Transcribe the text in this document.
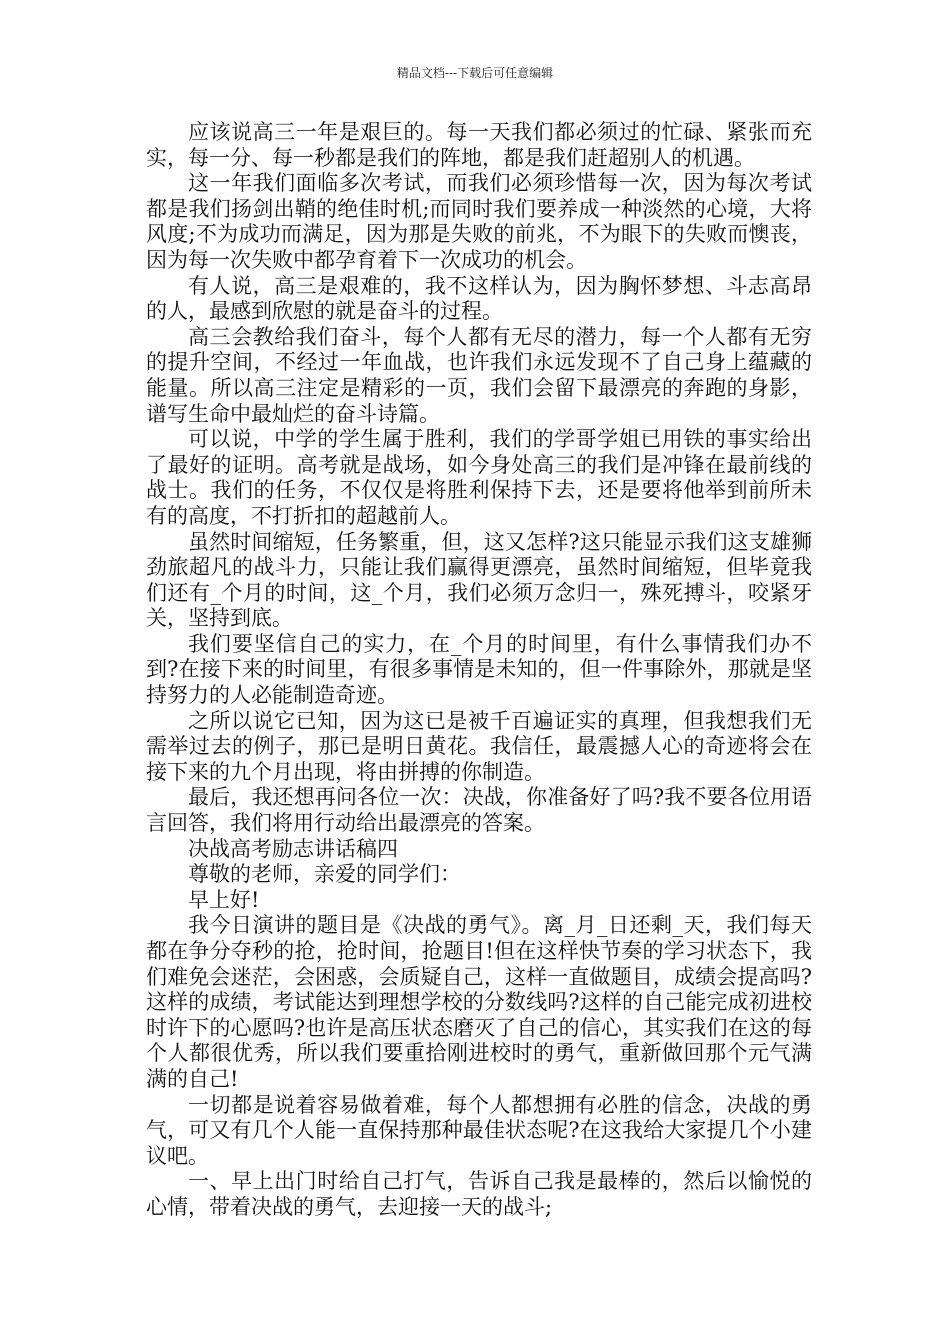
精品文档---下载后可任意编辑

应该说高三一年是艰巨的。每一天我们都必须过的忙碌、紧张而充实，每一分、每一秒都是我们的阵地，都是我们赶超别人的机遇。

这一年我们面临多次考试，而我们必须珍惜每一次，因为每次考试都是我们扬剑出鞘的绝佳时机;而同时我们要养成一种淡然的心境，大将风度;不为成功而满足，因为那是失败的前兆，不为眼下的失败而懊丧，因为每一次失败中都孕育着下一次成功的机会。

有人说，高三是艰难的，我不这样认为，因为胸怀梦想、斗志高昂的人，最感到欣慰的就是奋斗的过程。

高三会教给我们奋斗，每个人都有无尽的潜力，每一个人都有无穷的提升空间，不经过一年血战，也许我们永远发现不了自己身上蕴藏的能量。所以高三注定是精彩的一页，我们会留下最漂亮的奔跑的身影，谱写生命中最灿烂的奋斗诗篇。

可以说，中学的学生属于胜利，我们的学哥学姐已用铁的事实给出了最好的证明。高考就是战场，如今身处高三的我们是冲锋在最前线的战士。我们的任务，不仅仅是将胜利保持下去，还是要将他举到前所未有的高度，不打折扣的超越前人。

虽然时间缩短，任务繁重，但，这又怎样?这只能显示我们这支雄狮劲旅超凡的战斗力，只能让我们赢得更漂亮，虽然时间缩短，但毕竟我们还有_个月的时间，这_个月，我们必须万念归一，殊死搏斗，咬紧牙关，坚持到底。

我们要坚信自己的实力，在_个月的时间里，有什么事情我们办不到?在接下来的时间里，有很多事情是未知的，但一件事除外，那就是坚持努力的人必能制造奇迹。

之所以说它已知，因为这已是被千百遍证实的真理，但我想我们无需举过去的例子，那已是明日黄花。我信任，最震撼人心的奇迹将会在接下来的九个月出现，将由拼搏的你制造。

最后，我还想再问各位一次：决战，你准备好了吗?我不要各位用语言回答，我们将用行动给出最漂亮的答案。

决战高考励志讲话稿四

尊敬的老师，亲爱的同学们：

早上好!

我今日演讲的题目是《决战的勇气》。离_月_日还剩_天，我们每天都在争分夺秒的抢，抢时间，抢题目!但在这样快节奏的学习状态下，我们难免会迷茫，会困惑，会质疑自己，这样一直做题目，成绩会提高吗?这样的成绩，考试能达到理想学校的分数线吗?这样的自己能完成初进校时许下的心愿吗?也许是高压状态磨灭了自己的信心，其实我们在这的每个人都很优秀，所以我们要重拾刚进校时的勇气，重新做回那个元气满满的自己!

一切都是说着容易做着难，每个人都想拥有必胜的信念，决战的勇气，可又有几个人能一直保持那种最佳状态呢?在这我给大家提几个小建议吧。

一、早上出门时给自己打气，告诉自己我是最棒的，然后以愉悦的心情，带着决战的勇气，去迎接一天的战斗;
